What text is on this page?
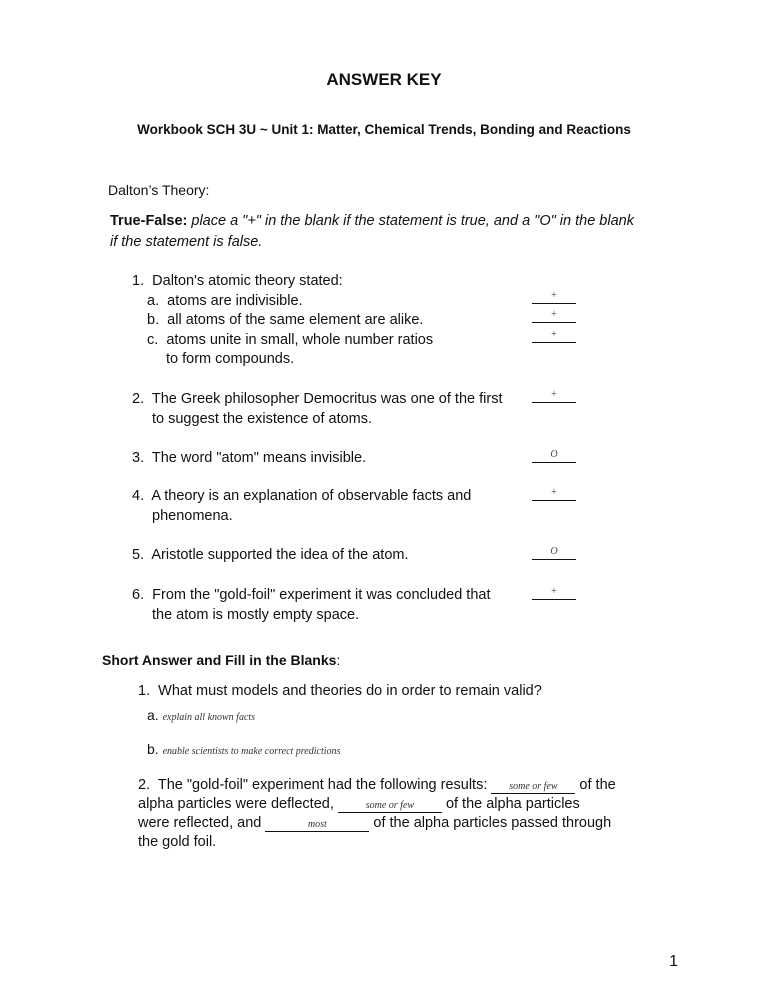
ANSWER KEY
Workbook SCH 3U ~ Unit 1: Matter, Chemical Trends, Bonding and Reactions
Dalton’s Theory:
True-False: place a "+" in the blank if the statement is true, and a "O" in the blank
if the statement is false.
1. Dalton's atomic theory stated:
a. atoms are indivisible.	+
b. all atoms of the same element are alike.	+
c. atoms unite in small, whole number ratios
to form compounds.
+
2. The Greek philosopher Democritus was one of the first
to suggest the existence of atoms.
+
3. The word "atom" means invisible.	O
4. A theory is an explanation of observable facts and
phenomena.
+
5. Aristotle supported the idea of the atom.	O
6. From the "gold-foil" experiment it was concluded that
the atom is mostly empty space.
+
Short Answer and Fill in the Blanks:
1. What must models and theories do in order to remain valid?
a. explain all known facts
b. enable scientists to make correct predictions
2. The "gold-foil" experiment had the following results: some or few of the
alpha particles were deflected,	some or few of the alpha particles
were reflected, and	most	of the alpha particles passed through
the gold foil.
1
